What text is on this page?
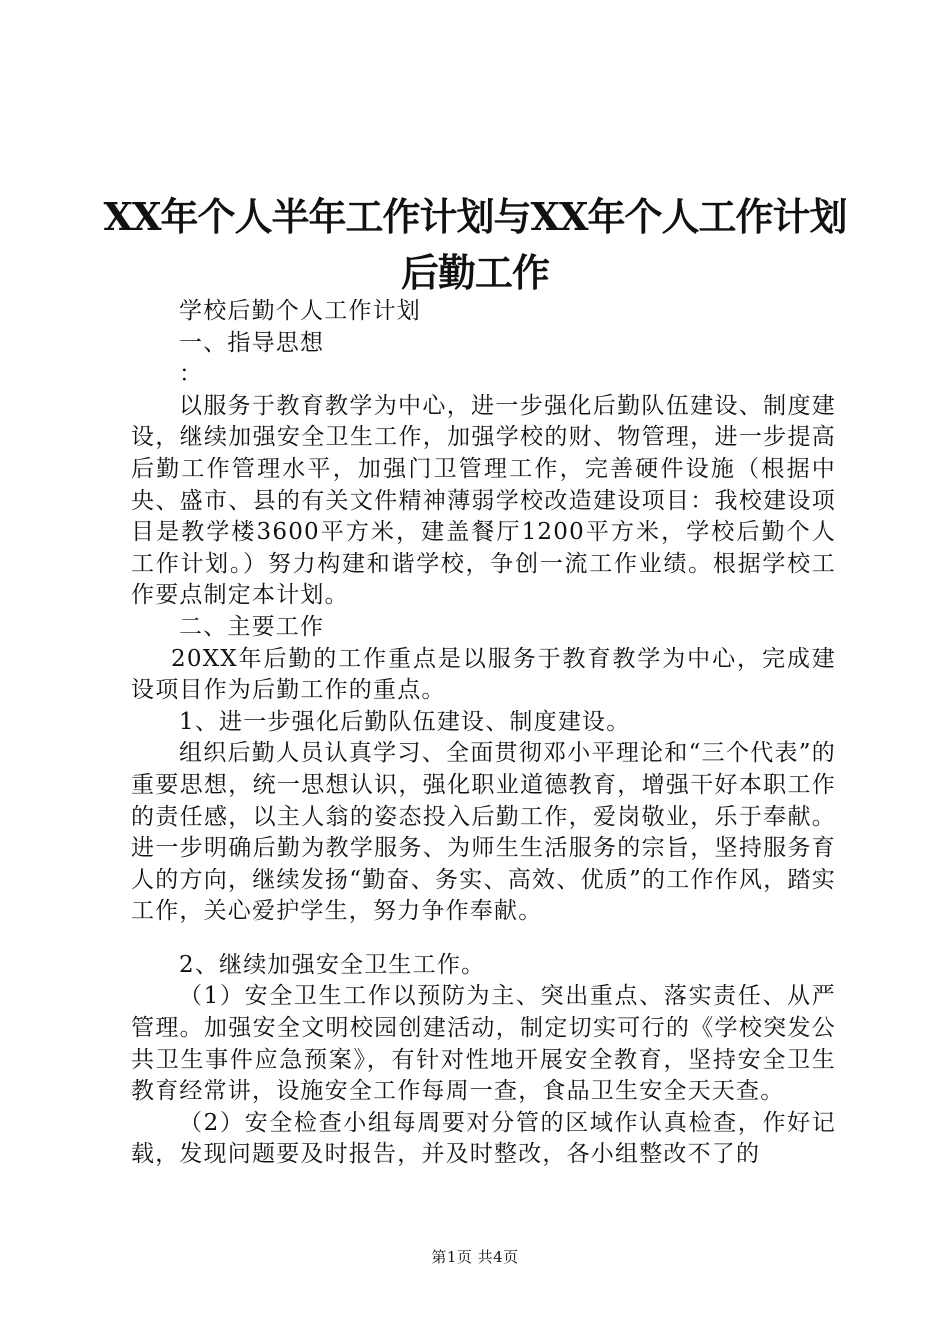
XX年个人半年工作计划与XX年个人工作计划
后勤工作

学校后勤个人工作计划

一、指导思想

：

以服务于教育教学为中心，进一步强化后勤队伍建设、制度建设，继续加强安全卫生工作，加强学校的财、物管理，进一步提高后勤工作管理水平，加强门卫管理工作，完善硬件设施（根据中央、盛市、县的有关文件精神薄弱学校改造建设项目：我校建设项目是教学楼3600平方米，建盖餐厅1200平方米，学校后勤个人工作计划。）努力构建和谐学校，争创一流工作业绩。根据学校工作要点制定本计划。

二、主要工作

20XX年后勤的工作重点是以服务于教育教学为中心，完成建设项目作为后勤工作的重点。

1、进一步强化后勤队伍建设、制度建设。

组织后勤人员认真学习、全面贯彻邓小平理论和“三个代表”的重要思想，统一思想认识，强化职业道德教育，增强干好本职工作的责任感，以主人翁的姿态投入后勤工作，爱岗敬业，乐于奉献。进一步明确后勤为教学服务、为师生生活服务的宗旨，坚持服务育人的方向，继续发扬“勤奋、务实、高效、优质”的工作作风，踏实工作，关心爱护学生，努力争作奉献。

2、继续加强安全卫生工作。

（1）安全卫生工作以预防为主、突出重点、落实责任、从严管理。加强安全文明校园创建活动，制定切实可行的《学校突发公共卫生事件应急预案》，有针对性地开展安全教育，坚持安全卫生教育经常讲，设施安全工作每周一查，食品卫生安全天天查。

（2）安全检查小组每周要对分管的区域作认真检查，作好记载，发现问题要及时报告，并及时整改，各小组整改不了的

第1页 共4页
